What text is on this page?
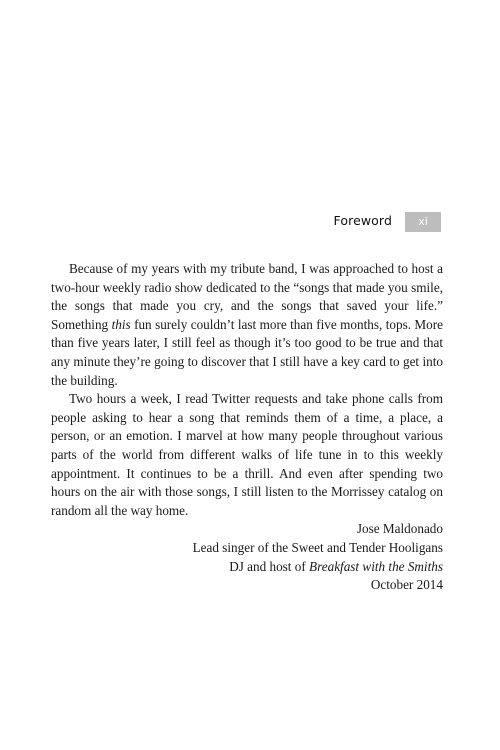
Foreword	xi

Because of my years with my tribute band, I was approached to host a two-hour weekly radio show dedicated to the “songs that made you smile, the songs that made you cry, and the songs that saved your life.” Something this fun surely couldn’t last more than five months, tops. More than five years later, I still feel as though it’s too good to be true and that any minute they’re going to discover that I still have a key card to get into the building.

Two hours a week, I read Twitter requests and take phone calls from people asking to hear a song that reminds them of a time, a place, a person, or an emotion. I marvel at how many people throughout various parts of the world from different walks of life tune in to this weekly appointment. It continues to be a thrill. And even after spending two hours on the air with those songs, I still listen to the Morrissey catalog on random all the way home.

Jose Maldonado
Lead singer of the Sweet and Tender Hooligans
DJ and host of Breakfast with the Smiths
October 2014
